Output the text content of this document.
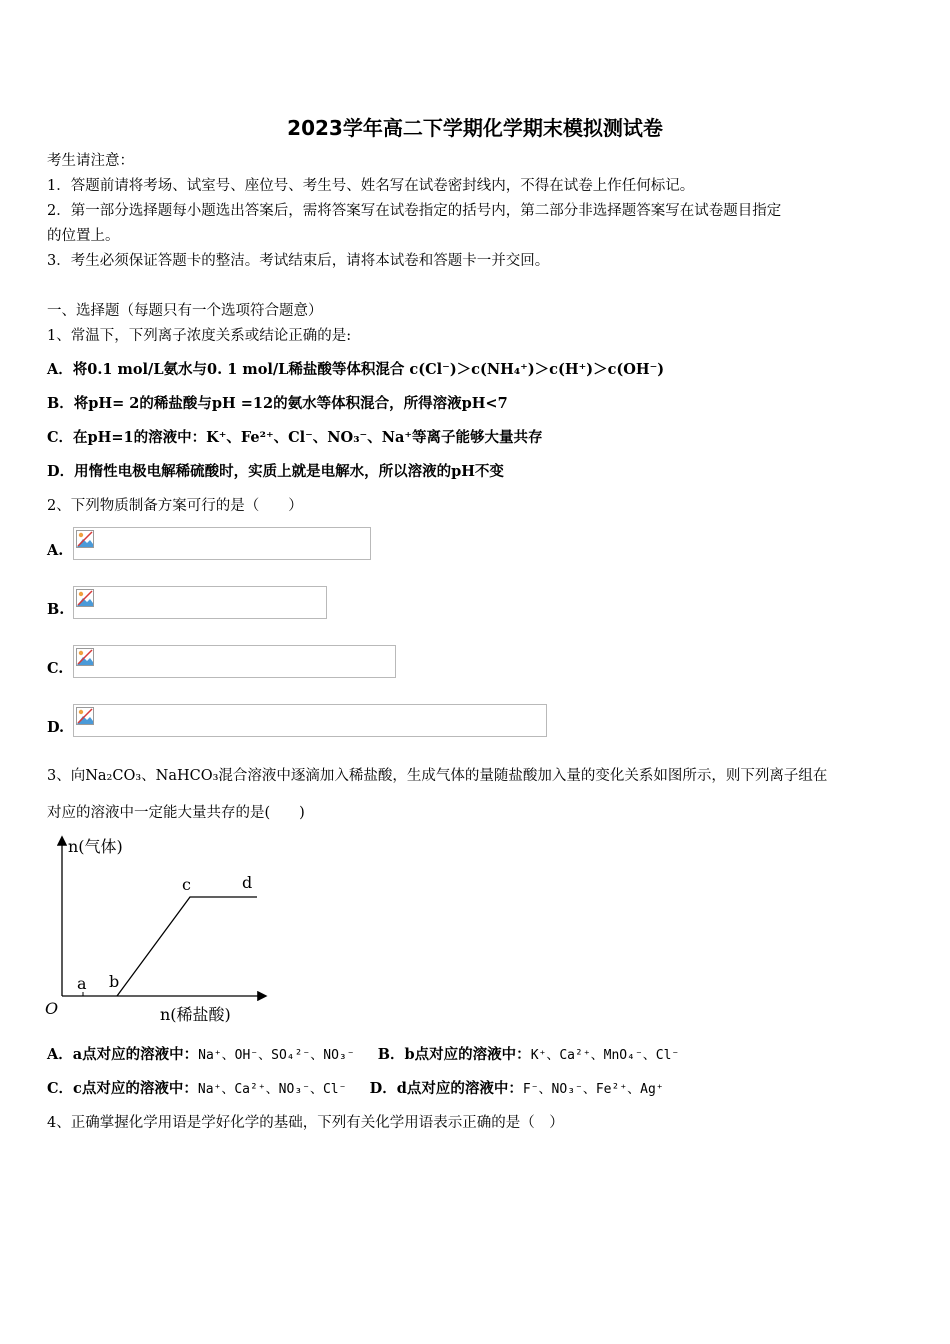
2023学年高二下学期化学期末模拟测试卷
考生请注意：
1．答题前请将考场、试室号、座位号、考生号、姓名写在试卷密封线内，不得在试卷上作任何标记。
2．第一部分选择题每小题选出答案后，需将答案写在试卷指定的括号内，第二部分非选择题答案写在试卷题目指定
的位置上。
3．考生必须保证答题卡的整洁。考试结束后，请将本试卷和答题卡一并交回。
一、选择题（每题只有一个选项符合题意）
1、常温下，下列离子浓度关系或结论正确的是:
A．将0.1 mol/L氨水与0. 1 mol/L稀盐酸等体积混合 c(Cl⁻)＞c(NH₄⁺)＞c(H⁺)＞c(OH⁻)
B．将pH= 2的稀盐酸与pH =12的氨水等体积混合，所得溶液pH<7
C．在pH=1的溶液中：K⁺、Fe²⁺、Cl⁻、NO₃⁻、Na⁺等离子能够大量共存
D．用惰性电极电解稀硫酸时，实质上就是电解水，所以溶液的pH不变
2、下列物质制备方案可行的是（　　）
A.
B.
C.
D.
3、向Na₂CO₃、NaHCO₃混合溶液中逐滴加入稀盐酸，生成气体的量随盐酸加入量的变化关系如图所示，则下列离子组在
对应的溶液中一定能大量共存的是(　　)
n(气体)
n(稀盐酸)
O
a b
c	d
A．a点对应的溶液中：Na⁺、OH⁻、SO₄²⁻、NO₃⁻ B．b点对应的溶液中：K⁺、Ca²⁺、MnO₄⁻、Cl⁻
C．c点对应的溶液中：Na⁺、Ca²⁺、NO₃⁻、Cl⁻ D．d点对应的溶液中：F⁻、NO₃⁻、Fe²⁺、Ag⁺
4、正确掌握化学用语是学好化学的基础，下列有关化学用语表示正确的是（　）
